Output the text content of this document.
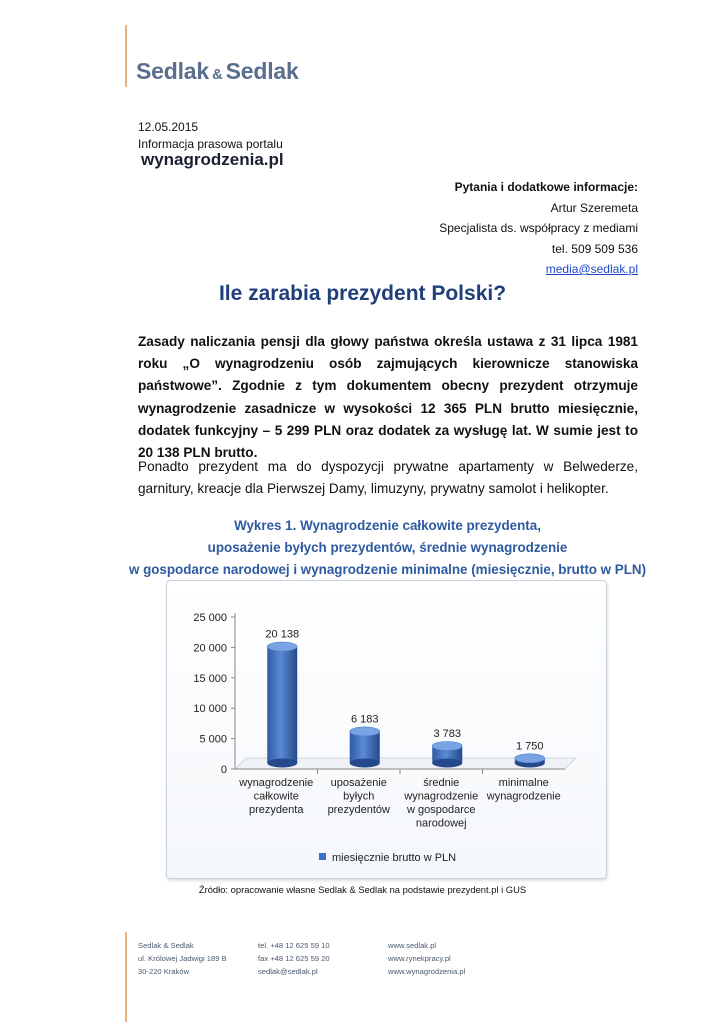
Sedlak & Sedlak
12.05.2015
Informacja prasowa portalu
wynagrodzenia.pl
Pytania i dodatkowe informacje:
Artur Szeremeta
Specjalista ds. współpracy z mediami
tel. 509 509 536
media@sedlak.pl
Ile zarabia prezydent Polski?
Zasady naliczania pensji dla głowy państwa określa ustawa z 31 lipca 1981 roku „O wynagrodzeniu osób zajmujących kierownicze stanowiska państwowe”. Zgodnie z tym dokumentem obecny prezydent otrzymuje wynagrodzenie zasadnicze w wysokości 12 365 PLN brutto miesięcznie, dodatek funkcyjny – 5 299 PLN oraz dodatek za wysługę lat. W sumie jest to 20 138 PLN brutto.
Ponadto prezydent ma do dyspozycji prywatne apartamenty w Belwederze, garnitury, kreacje dla Pierwszej Damy, limuzyny, prywatny samolot i helikopter.
Wykres 1. Wynagrodzenie całkowite prezydenta,
uposażenie byłych prezydentów, średnie wynagrodzenie
w gospodarce narodowej i wynagrodzenie minimalne (miesięcznie, brutto w PLN)
0
5 000
10 000
15 000
20 000
25 000
20 138
wynagrodzenie
całkowite
prezydenta
6 183
uposażenie
byłych
prezydentów
3 783
średnie
wynagrodzenie
w gospodarce
narodowej
1 750
minimalne
wynagrodzenie
miesięcznie brutto w PLN
Źródło: opracowanie własne Sedlak & Sedlak na podstawie prezydent.pl i GUS
Sedlak & Sedlak
ul. Królowej Jadwigi 189 B
30-220 Kraków
tel. +48 12 625 59 10
fax +48 12 625 59 20
sedlak@sedlak.pl
www.sedlak.pl
www.rynekpracy.pl
www.wynagrodzenia.pl
